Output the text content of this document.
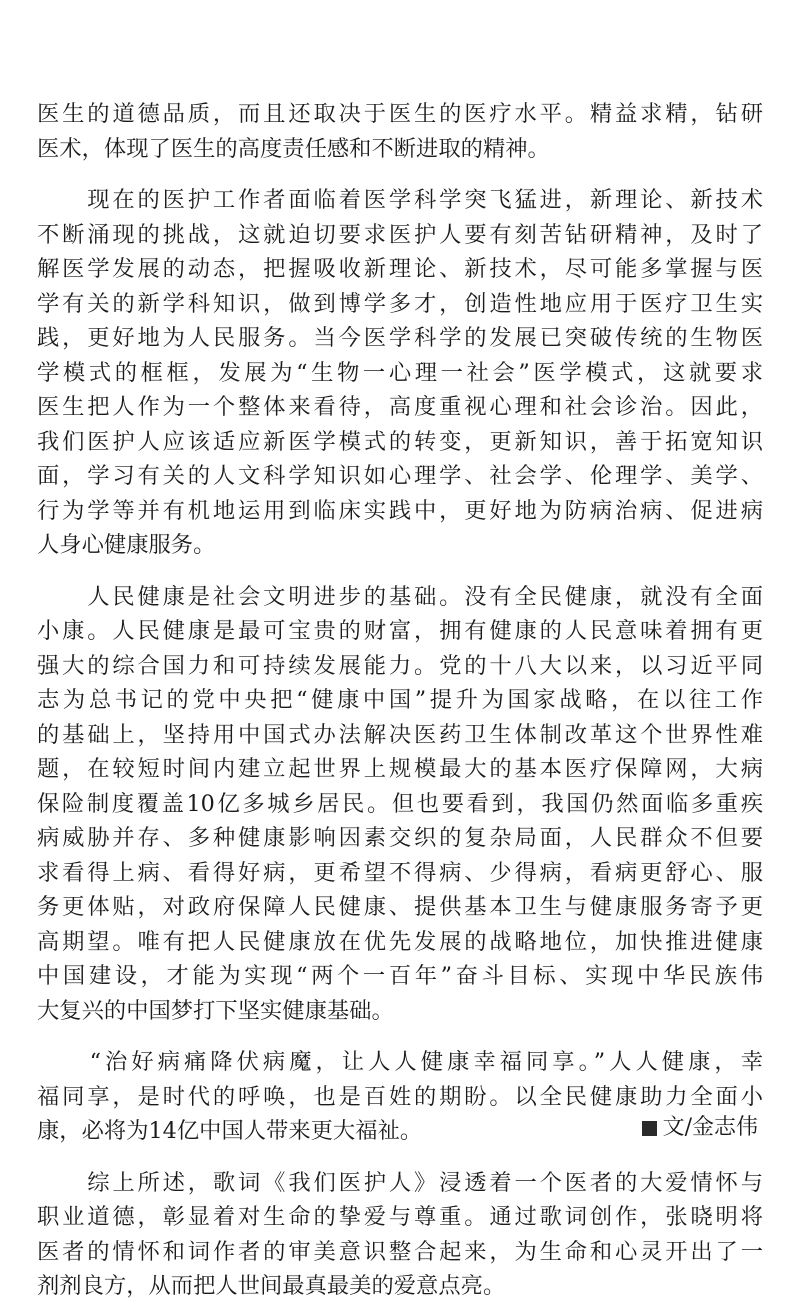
医生的道德品质，而且还取决于医生的医疗水平。精益求精，钻研
医术，体现了医生的高度责任感和不断进取的精神。
　　现在的医护工作者面临着医学科学突飞猛进，新理论、新技术
不断涌现的挑战，这就迫切要求医护人要有刻苦钻研精神，及时了
解医学发展的动态，把握吸收新理论、新技术，尽可能多掌握与医
学有关的新学科知识，做到博学多才，创造性地应用于医疗卫生实
践，更好地为人民服务。当今医学科学的发展已突破传统的生物医
学模式的框框，发展为“生物一心理一社会”医学模式，这就要求
医生把人作为一个整体来看待，高度重视心理和社会诊治。因此，
我们医护人应该适应新医学模式的转变，更新知识，善于拓宽知识
面，学习有关的人文科学知识如心理学、社会学、伦理学、美学、
行为学等并有机地运用到临床实践中，更好地为防病治病、促进病
人身心健康服务。
　　人民健康是社会文明进步的基础。没有全民健康，就没有全面
小康。人民健康是最可宝贵的财富，拥有健康的人民意味着拥有更
强大的综合国力和可持续发展能力。党的十八大以来，以习近平同
志为总书记的党中央把“健康中国”提升为国家战略，在以往工作
的基础上，坚持用中国式办法解决医药卫生体制改革这个世界性难
题，在较短时间内建立起世界上规模最大的基本医疗保障网，大病
保险制度覆盖10亿多城乡居民。但也要看到，我国仍然面临多重疾
病威胁并存、多种健康影响因素交织的复杂局面，人民群众不但要
求看得上病、看得好病，更希望不得病、少得病，看病更舒心、服
务更体贴，对政府保障人民健康、提供基本卫生与健康服务寄予更
高期望。唯有把人民健康放在优先发展的战略地位，加快推进健康
中国建设，才能为实现“两个一百年”奋斗目标、实现中华民族伟
大复兴的中国梦打下坚实健康基础。
　　“治好病痛降伏病魔，让人人健康幸福同享。”人人健康，幸
福同享，是时代的呼唤，也是百姓的期盼。以全民健康助力全面小
康，必将为14亿中国人带来更大福祉。
　　综上所述，歌词《我们医护人》浸透着一个医者的大爱情怀与
职业道德，彰显着对生命的挚爱与尊重。通过歌词创作，张晓明将
医者的情怀和词作者的审美意识整合起来，为生命和心灵开出了一
剂剂良方，从而把人世间最真最美的爱意点亮。
文/金志伟
